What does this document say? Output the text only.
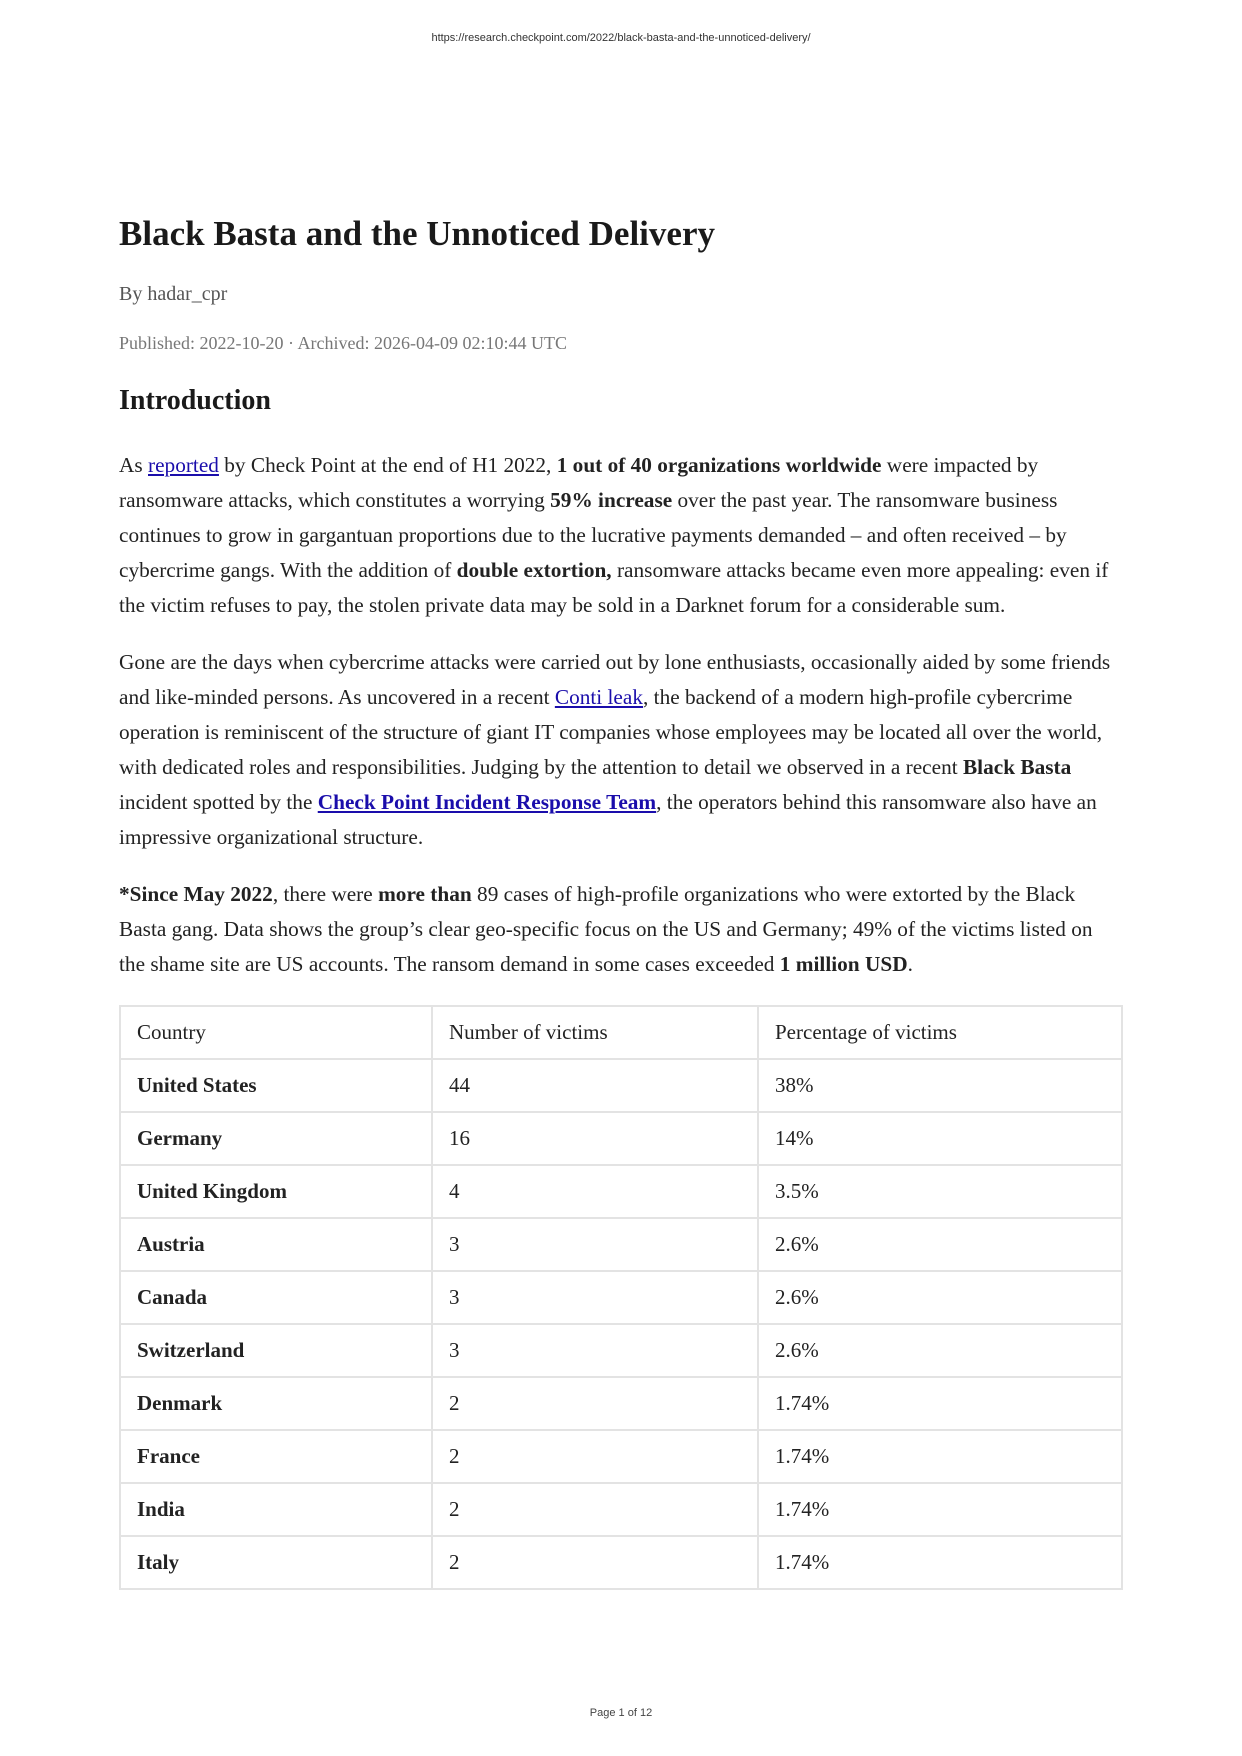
https://research.checkpoint.com/2022/black-basta-and-the-unnoticed-delivery/
Black Basta and the Unnoticed Delivery
By hadar_cpr
Published: 2022-10-20 · Archived: 2026-04-09 02:10:44 UTC
Introduction

As reported by Check Point at the end of H1 2022, 1 out of 40 organizations worldwide were impacted by ransomware attacks, which constitutes a worrying 59% increase over the past year. The ransomware business continues to grow in gargantuan proportions due to the lucrative payments demanded – and often received – by cybercrime gangs. With the addition of double extortion, ransomware attacks became even more appealing: even if the victim refuses to pay, the stolen private data may be sold in a Darknet forum for a considerable sum.

Gone are the days when cybercrime attacks were carried out by lone enthusiasts, occasionally aided by some friends and like-minded persons. As uncovered in a recent Conti leak, the backend of a modern high-profile cybercrime operation is reminiscent of the structure of giant IT companies whose employees may be located all over the world, with dedicated roles and responsibilities. Judging by the attention to detail we observed in a recent Black Basta incident spotted by the Check Point Incident Response Team, the operators behind this ransomware also have an impressive organizational structure.

*Since May 2022, there were more than 89 cases of high-profile organizations who were extorted by the Black Basta gang. Data shows the group’s clear geo-specific focus on the US and Germany; 49% of the victims listed on the shame site are US accounts. The ransom demand in some cases exceeded 1 million USD.

Country	Number of victims	Percentage of victims
United States	44	38%
Germany	16	14%
United Kingdom	4	3.5%
Austria	3	2.6%
Canada	3	2.6%
Switzerland	3	2.6%
Denmark	2	1.74%
France	2	1.74%
India	2	1.74%
Italy	2	1.74%
Page 1 of 12
